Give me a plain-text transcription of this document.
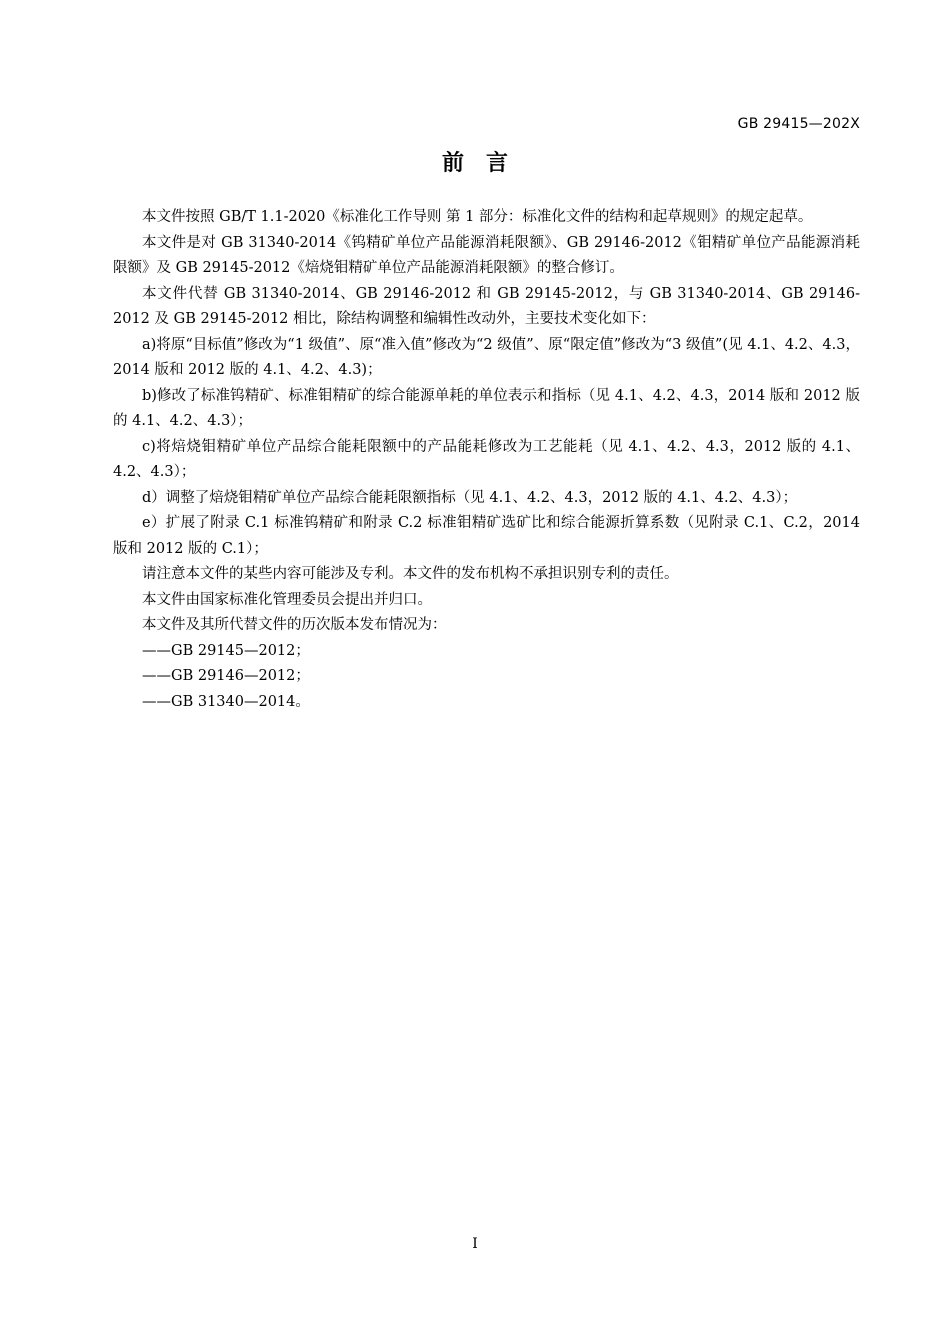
GB 29415—202X
前言

本文件按照 GB/T 1.1-2020《标准化工作导则 第 1 部分：标准化文件的结构和起草规则》的规定起草。

本文件是对 GB 31340-2014《钨精矿单位产品能源消耗限额》、GB 29146-2012《钼精矿单位产品能源消耗限额》及 GB 29145-2012《焙烧钼精矿单位产品能源消耗限额》的整合修订。

本文件代替 GB 31340-2014、GB 29146-2012 和 GB 29145-2012，与 GB 31340-2014、GB 29146-2012 及 GB 29145-2012 相比，除结构调整和编辑性改动外，主要技术变化如下：

a)将原“目标值”修改为“1 级值”、原“准入值”修改为“2 级值”、原“限定值”修改为“3 级值”(见 4.1、4.2、4.3，2014 版和 2012 版的 4.1、4.2、4.3)；

b)修改了标准钨精矿、标准钼精矿的综合能源单耗的单位表示和指标（见 4.1、4.2、4.3，2014 版和 2012 版的 4.1、4.2、4.3）；

c)将焙烧钼精矿单位产品综合能耗限额中的产品能耗修改为工艺能耗（见 4.1、4.2、4.3，2012 版的 4.1、4.2、4.3）；

d）调整了焙烧钼精矿单位产品综合能耗限额指标（见 4.1、4.2、4.3，2012 版的 4.1、4.2、4.3）；

e）扩展了附录 C.1 标准钨精矿和附录 C.2 标准钼精矿选矿比和综合能源折算系数（见附录 C.1、C.2，2014 版和 2012 版的 C.1）；

请注意本文件的某些内容可能涉及专利。本文件的发布机构不承担识别专利的责任。

本文件由国家标准化管理委员会提出并归口。

本文件及其所代替文件的历次版本发布情况为：

——GB 29145—2012；

——GB 29146—2012；

——GB 31340—2014。

I
